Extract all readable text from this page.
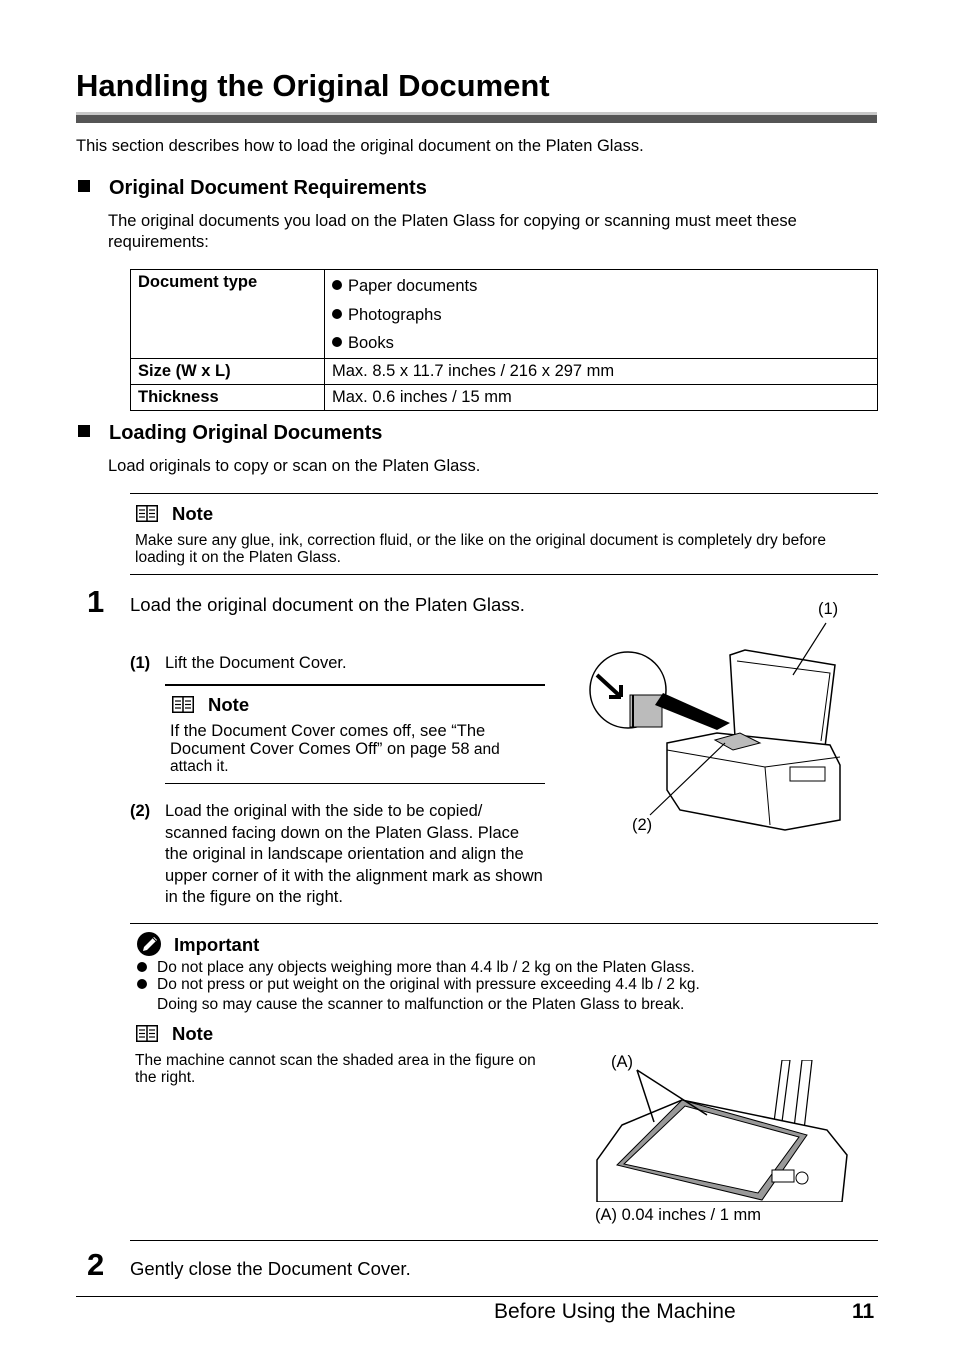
Handling the Original Document
This section describes how to load the original document on the Platen Glass.
Original Document Requirements
The original documents you load on the Platen Glass for copying or scanning must meet these requirements:
Document type	Paper documents
Photographs
Books

Size (W x L)	Max. 8.5 x 11.7 inches / 216 x 297 mm
Thickness	Max. 0.6 inches / 15 mm
Loading Original Documents
Load originals to copy or scan on the Platen Glass.
Note
Make sure any glue, ink, correction fluid, or the like on the original document is completely dry before loading it on the Platen Glass.
1 Load the original document on the Platen Glass.
(1) Lift the Document Cover.
Note
If the Document Cover comes off, see “The
Document Cover Comes Off” on page 58 and
attach it.
(2) Load the original with the side to be copied/ scanned facing down on the Platen Glass. Place the original in landscape orientation and align the upper corner of it with the alignment mark as shown in the figure on the right.
(1)
(2)
Important
Do not place any objects weighing more than 4.4 lb / 2 kg on the Platen Glass.
Do not press or put weight on the original with pressure exceeding 4.4 lb / 2 kg.
Doing so may cause the scanner to malfunction or the Platen Glass to break.
Note
The machine cannot scan the shaded area in the figure on the right.
(A)
(A) 0.04 inches / 1 mm
2 Gently close the Document Cover.
Before Using the Machine	11
